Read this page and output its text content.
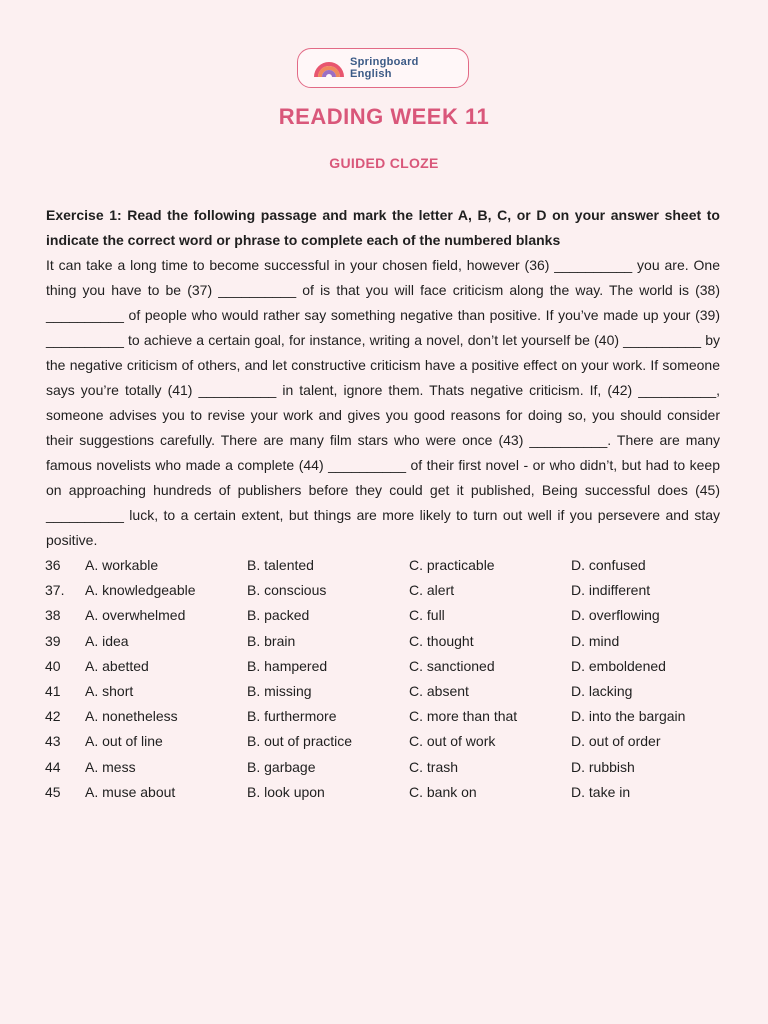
Springboard
English
READING WEEK 11
GUIDED CLOZE

Exercise 1: Read the following passage and mark the letter A, B, C, or D on your answer sheet to indicate the correct word or phrase to complete each of the numbered blanks

It can take a long time to become successful in your chosen field, however (36) __________ you are. One thing you have to be (37) __________ of is that you will face criticism along the way. The world is (38) __________ of people who would rather say something negative than positive. If you’ve made up your (39) __________ to achieve a certain goal, for instance, writing a novel, don’t let yourself be (40) __________ by the negative criticism of others, and let constructive criticism have a positive effect on your work. If someone says you’re totally (41) __________ in talent, ignore them. Thats negative criticism. If, (42) __________, someone advises you to revise your work and gives you good reasons for doing so, you should consider their suggestions carefully. There are many film stars who were once (43) __________. There are many famous novelists who made a complete (44) __________ of their first novel - or who didn’t, but had to keep on approaching hundreds of publishers before they could get it published, Being successful does (45) __________ luck, to a certain extent, but things are more likely to turn out well if you persevere and stay positive.

36	A. workable	B. talented	C. practicable	D. confused
37.	A. knowledgeable	B. conscious	C. alert	D. indifferent
38	A. overwhelmed	B. packed	C. full	D. overflowing
39	A. idea	B. brain	C. thought	D. mind
40	A. abetted	B. hampered	C. sanctioned	D. emboldened
41	A. short	B. missing	C. absent	D. lacking
42	A. nonetheless	B. furthermore	C. more than that	D. into the bargain
43	A. out of line	B. out of practice	C. out of work	D. out of order
44	A. mess	B. garbage	C. trash	D. rubbish
45	A. muse about	B. look upon	C. bank on	D. take in
